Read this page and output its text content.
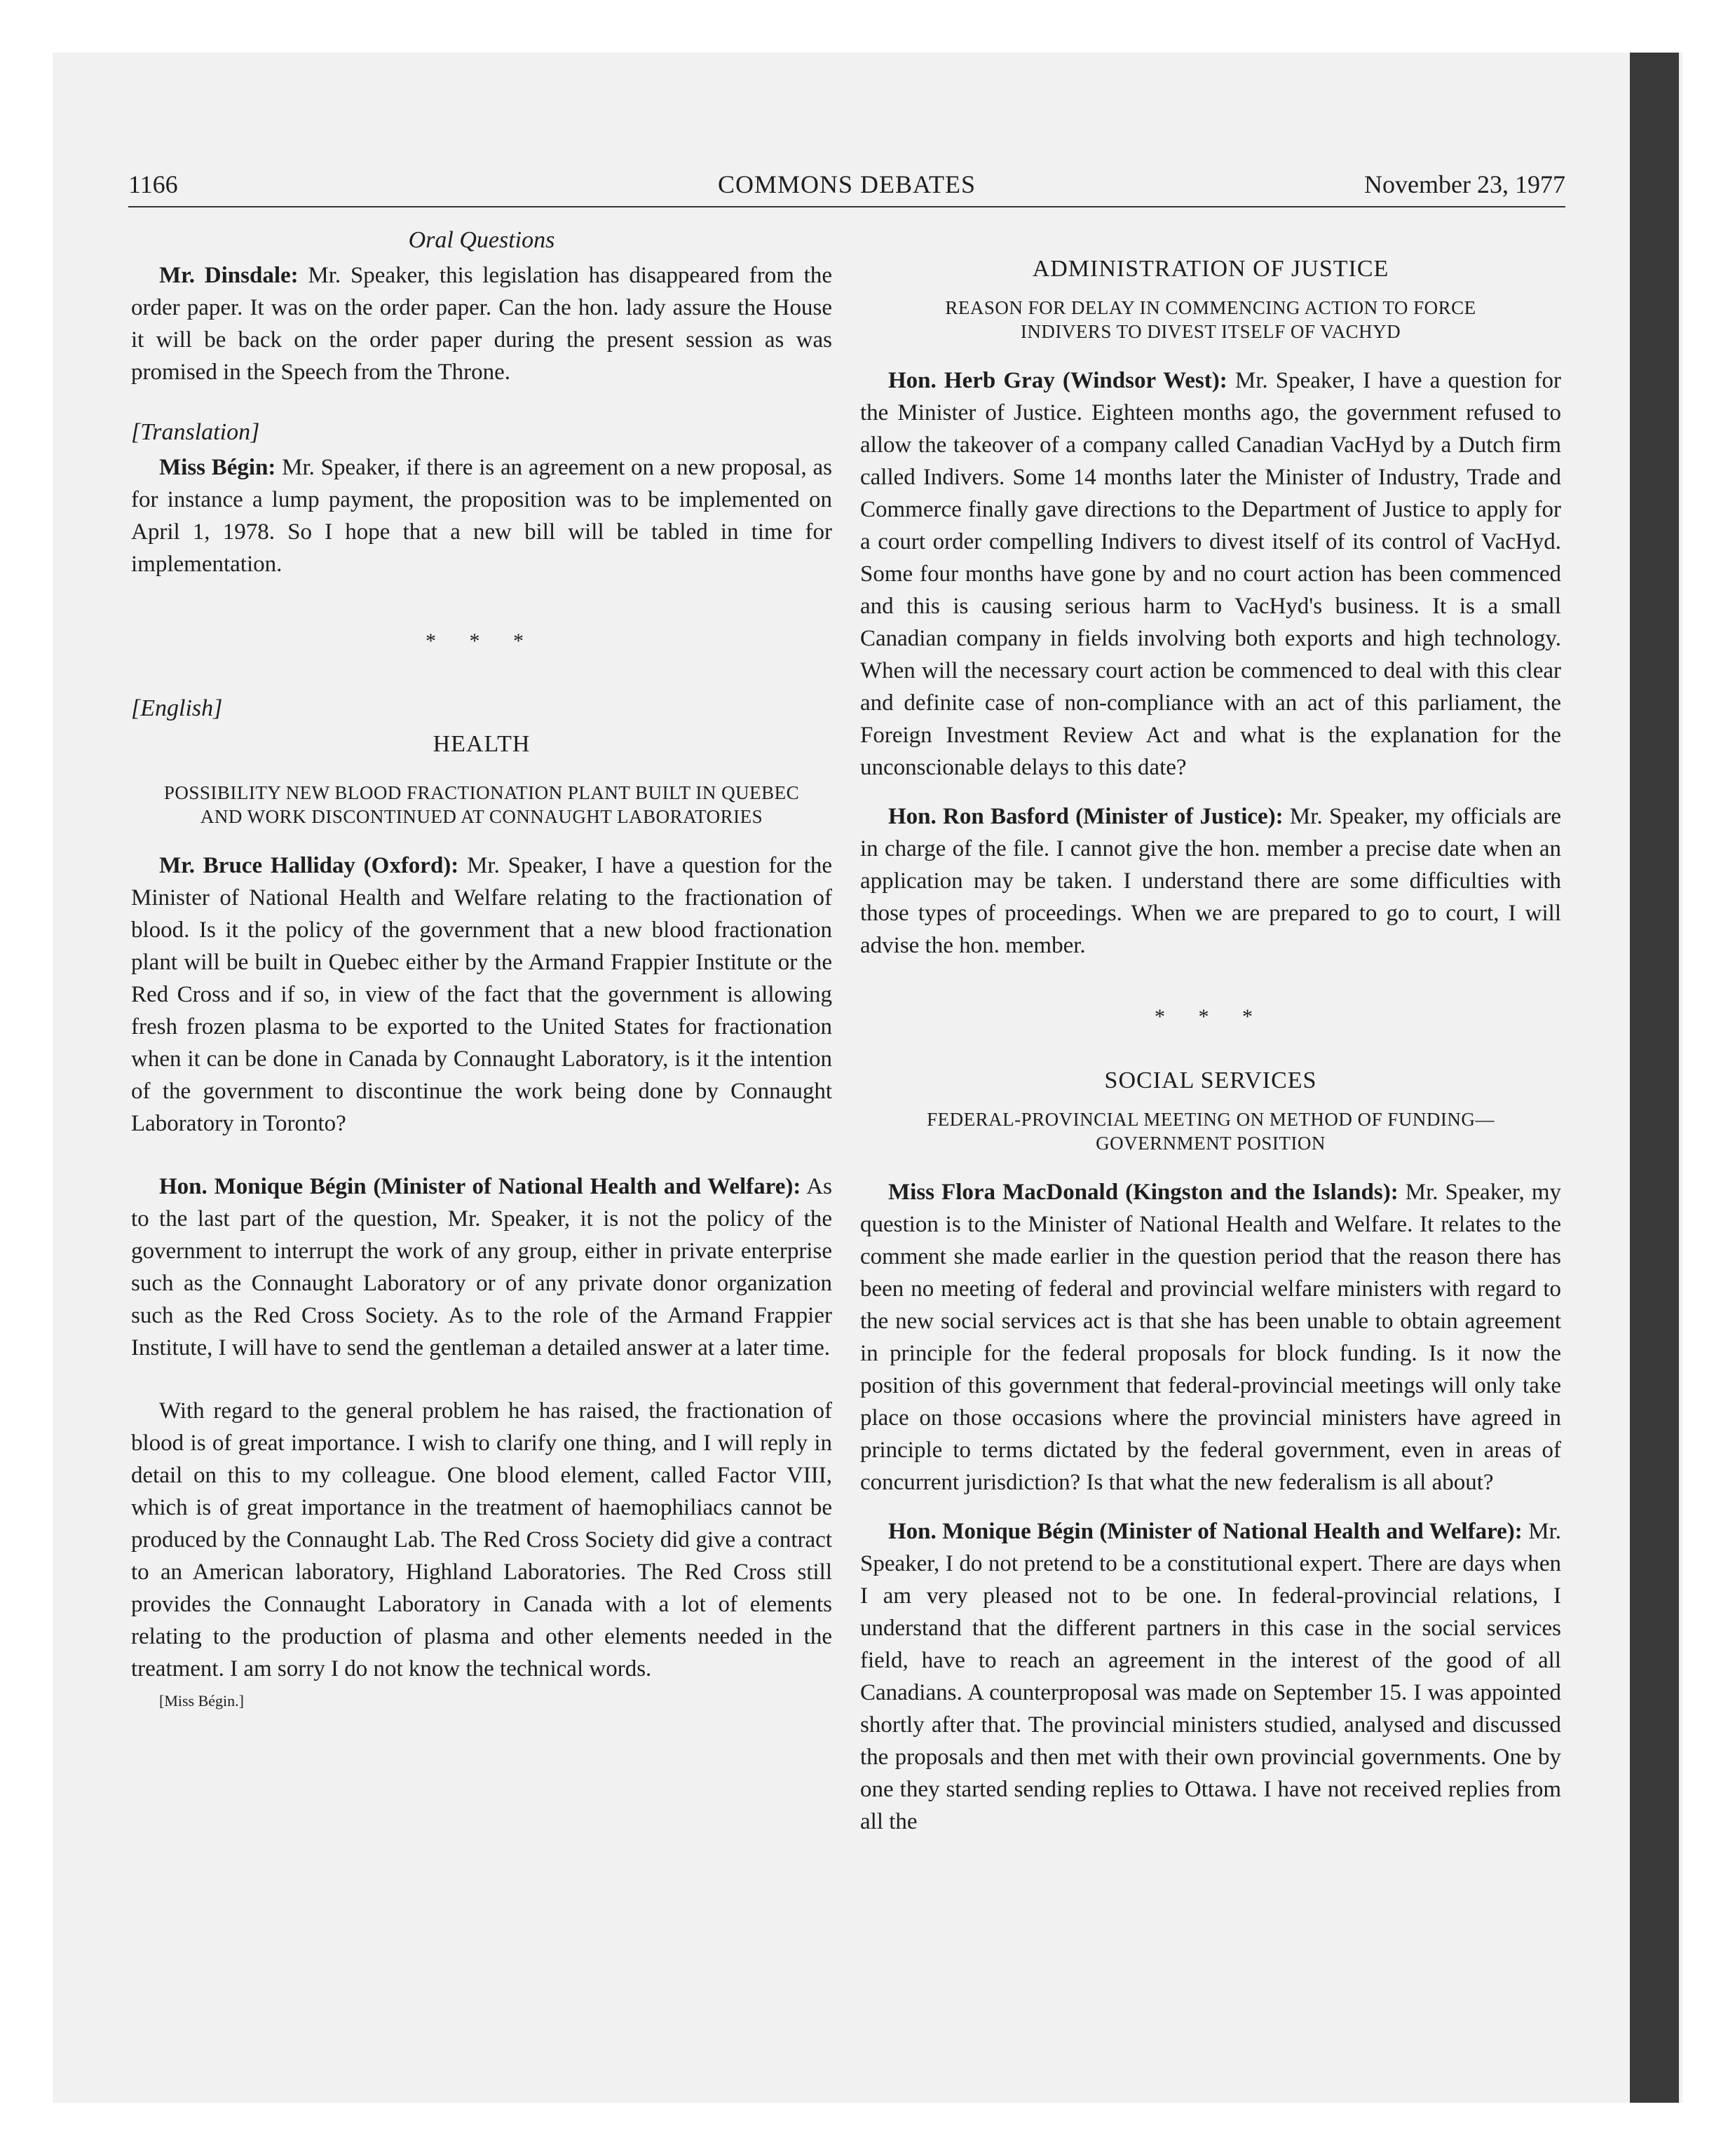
1166	COMMONS DEBATES	November 23, 1977

Oral Questions

Mr. Dinsdale: Mr. Speaker, this legislation has disappeared from the order paper. It was on the order paper. Can the hon. lady assure the House it will be back on the order paper during the present session as was promised in the Speech from the Throne.

[Translation]

Miss Bégin: Mr. Speaker, if there is an agreement on a new proposal, as for instance a lump payment, the proposition was to be implemented on April 1, 1978. So I hope that a new bill will be tabled in time for implementation.

* * *

[English]

HEALTH

POSSIBILITY NEW BLOOD FRACTIONATION PLANT BUILT IN QUEBEC AND WORK DISCONTINUED AT CONNAUGHT LABORATORIES

Mr. Bruce Halliday (Oxford): Mr. Speaker, I have a question for the Minister of National Health and Welfare relating to the fractionation of blood. Is it the policy of the government that a new blood fractionation plant will be built in Quebec either by the Armand Frappier Institute or the Red Cross and if so, in view of the fact that the government is allowing fresh frozen plasma to be exported to the United States for fractionation when it can be done in Canada by Connaught Laboratory, is it the intention of the government to discontinue the work being done by Connaught Laboratory in Toronto?

Hon. Monique Bégin (Minister of National Health and Welfare): As to the last part of the question, Mr. Speaker, it is not the policy of the government to interrupt the work of any group, either in private enterprise such as the Connaught Laboratory or of any private donor organization such as the Red Cross Society. As to the role of the Armand Frappier Institute, I will have to send the gentleman a detailed answer at a later time.

With regard to the general problem he has raised, the fractionation of blood is of great importance. I wish to clarify one thing, and I will reply in detail on this to my colleague. One blood element, called Factor VIII, which is of great importance in the treatment of haemophiliacs cannot be produced by the Connaught Lab. The Red Cross Society did give a contract to an American laboratory, Highland Laboratories. The Red Cross still provides the Connaught Laboratory in Canada with a lot of elements relating to the production of plasma and other elements needed in the treatment. I am sorry I do not know the technical words.

[Miss Bégin.]

ADMINISTRATION OF JUSTICE

REASON FOR DELAY IN COMMENCING ACTION TO FORCE INDIVERS TO DIVEST ITSELF OF VACHYD

Hon. Herb Gray (Windsor West): Mr. Speaker, I have a question for the Minister of Justice. Eighteen months ago, the government refused to allow the takeover of a company called Canadian VacHyd by a Dutch firm called Indivers. Some 14 months later the Minister of Industry, Trade and Commerce finally gave directions to the Department of Justice to apply for a court order compelling Indivers to divest itself of its control of VacHyd. Some four months have gone by and no court action has been commenced and this is causing serious harm to VacHyd's business. It is a small Canadian company in fields involving both exports and high technology. When will the necessary court action be commenced to deal with this clear and definite case of non-compliance with an act of this parliament, the Foreign Investment Review Act and what is the explanation for the unconscionable delays to this date?

Hon. Ron Basford (Minister of Justice): Mr. Speaker, my officials are in charge of the file. I cannot give the hon. member a precise date when an application may be taken. I understand there are some difficulties with those types of proceedings. When we are prepared to go to court, I will advise the hon. member.

* * *

SOCIAL SERVICES

FEDERAL-PROVINCIAL MEETING ON METHOD OF FUNDING— GOVERNMENT POSITION

Miss Flora MacDonald (Kingston and the Islands): Mr. Speaker, my question is to the Minister of National Health and Welfare. It relates to the comment she made earlier in the question period that the reason there has been no meeting of federal and provincial welfare ministers with regard to the new social services act is that she has been unable to obtain agreement in principle for the federal proposals for block funding. Is it now the position of this government that federal-provincial meetings will only take place on those occasions where the provincial ministers have agreed in principle to terms dictated by the federal government, even in areas of concurrent jurisdiction? Is that what the new federalism is all about?

Hon. Monique Bégin (Minister of National Health and Welfare): Mr. Speaker, I do not pretend to be a constitutional expert. There are days when I am very pleased not to be one. In federal-provincial relations, I understand that the different partners in this case in the social services field, have to reach an agreement in the interest of the good of all Canadians. A counterproposal was made on September 15. I was appointed shortly after that. The provincial ministers studied, analysed and discussed the proposals and then met with their own provincial governments. One by one they started sending replies to Ottawa. I have not received replies from all the
